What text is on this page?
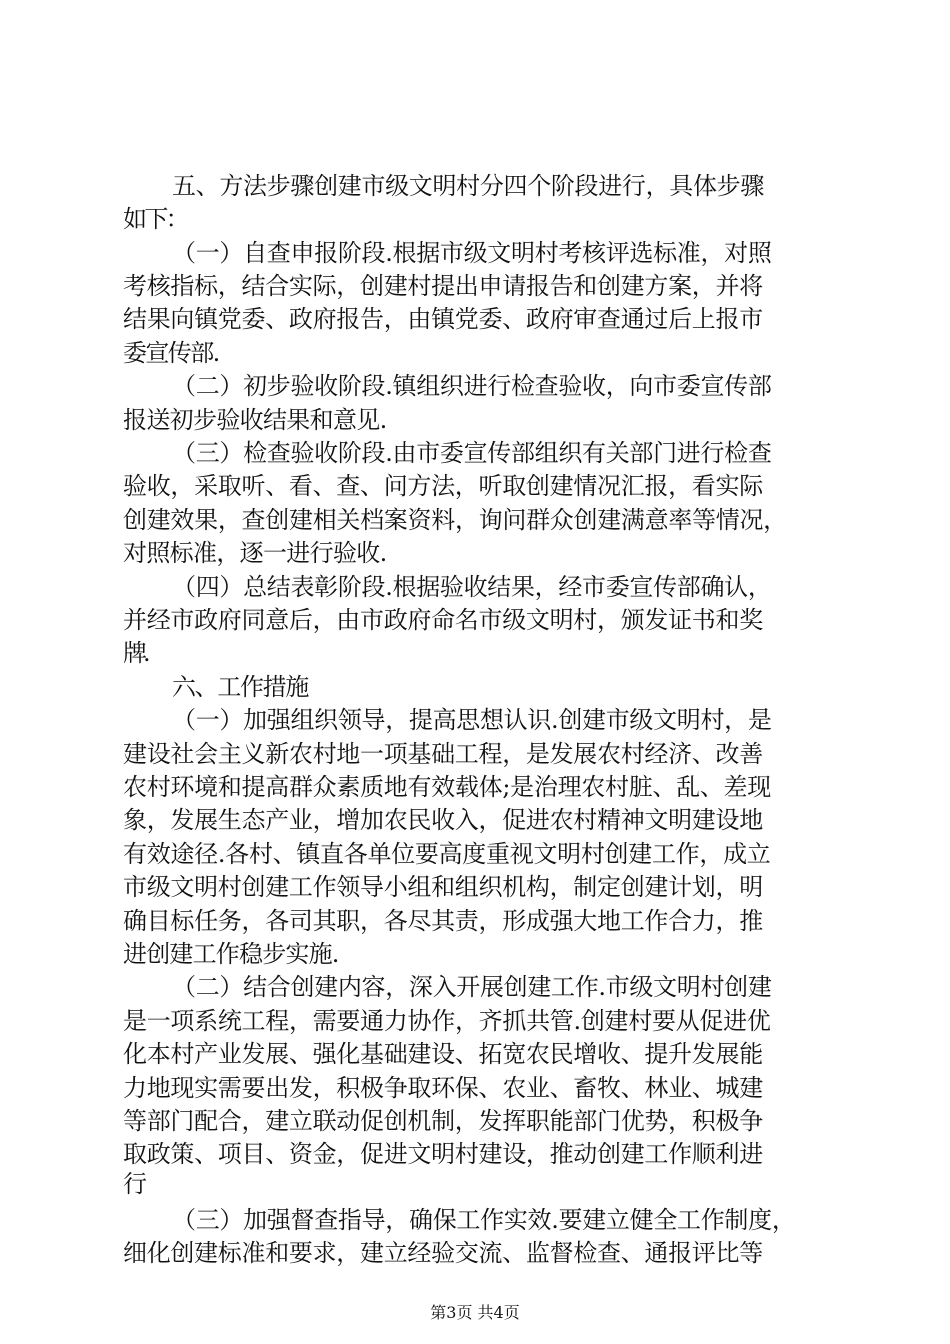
五、方法步骤创建市级文明村分四个阶段进行，具体步骤
如下：
（一）自查申报阶段.根据市级文明村考核评选标准，对照
考核指标，结合实际，创建村提出申请报告和创建方案，并将
结果向镇党委、政府报告，由镇党委、政府审查通过后上报市
委宣传部.
（二）初步验收阶段.镇组织进行检查验收，向市委宣传部
报送初步验收结果和意见.
（三）检查验收阶段.由市委宣传部组织有关部门进行检查
验收，采取听、看、查、问方法，听取创建情况汇报，看实际
创建效果，查创建相关档案资料，询问群众创建满意率等情况，
对照标准，逐一进行验收.
（四）总结表彰阶段.根据验收结果，经市委宣传部确认，
并经市政府同意后，由市政府命名市级文明村，颁发证书和奖
牌.
六、工作措施
（一）加强组织领导，提高思想认识.创建市级文明村，是
建设社会主义新农村地一项基础工程，是发展农村经济、改善
农村环境和提高群众素质地有效载体;是治理农村脏、乱、差现
象，发展生态产业，增加农民收入，促进农村精神文明建设地
有效途径.各村、镇直各单位要高度重视文明村创建工作，成立
市级文明村创建工作领导小组和组织机构，制定创建计划，明
确目标任务，各司其职，各尽其责，形成强大地工作合力，推
进创建工作稳步实施.
（二）结合创建内容，深入开展创建工作.市级文明村创建
是一项系统工程，需要通力协作，齐抓共管.创建村要从促进优
化本村产业发展、强化基础建设、拓宽农民增收、提升发展能
力地现实需要出发，积极争取环保、农业、畜牧、林业、城建
等部门配合，建立联动促创机制，发挥职能部门优势，积极争
取政策、项目、资金，促进文明村建设，推动创建工作顺利进
行
（三）加强督查指导，确保工作实效.要建立健全工作制度，
细化创建标准和要求，建立经验交流、监督检查、通报评比等
第3页 共4页
